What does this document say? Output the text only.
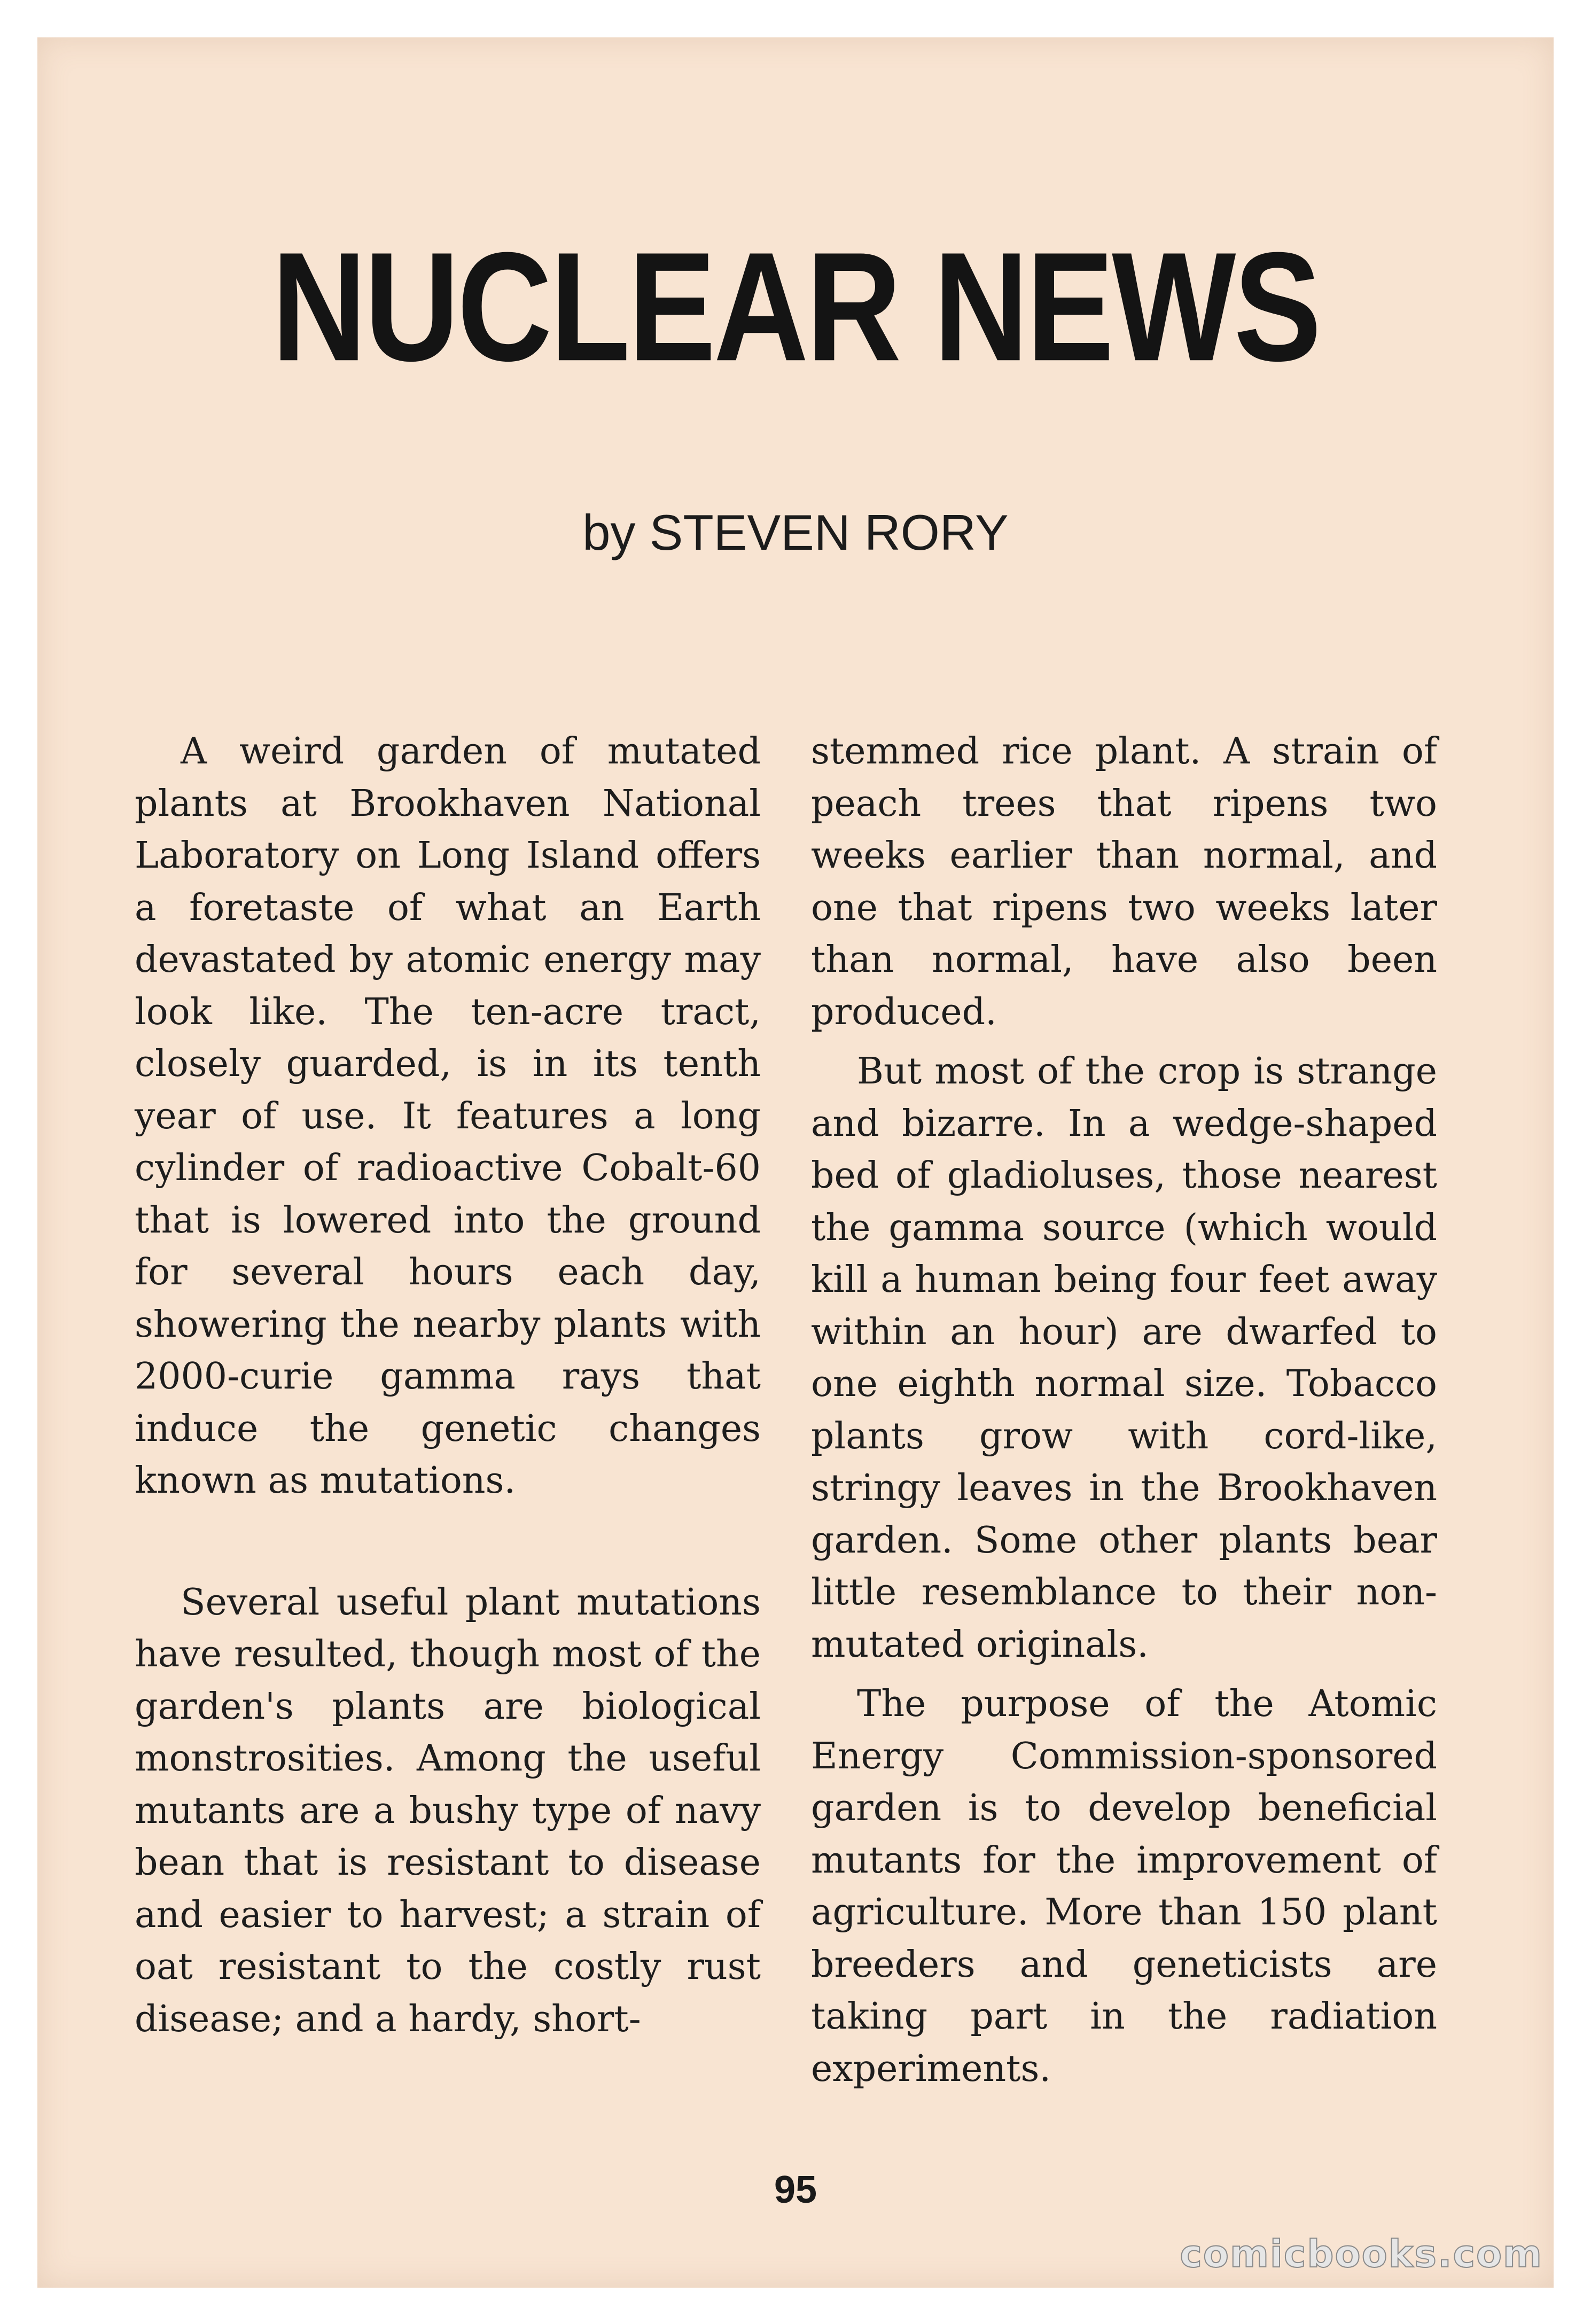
NUCLEAR NEWS

by STEVEN RORY

A weird garden of mutated plants at Brookhaven National Laboratory on Long Island offers a foretaste of what an Earth devastated by atomic energy may look like. The ten-acre tract, closely guarded, is in its tenth year of use. It features a long cylinder of radioactive Cobalt-60 that is lowered into the ground for several hours each day, showering the nearby plants with 2000-curie gamma rays that induce the genetic changes known as mutations.

Several useful plant mutations have resulted, though most of the garden's plants are biological monstrosities. Among the useful mutants are a bushy type of navy bean that is resistant to disease and easier to harvest; a strain of oat resistant to the costly rust disease; and a hardy, short-

stemmed rice plant. A strain of peach trees that ripens two weeks earlier than normal, and one that ripens two weeks later than normal, have also been produced.

But most of the crop is strange and bizarre. In a wedge-shaped bed of gladioluses, those nearest the gamma source (which would kill a human being four feet away within an hour) are dwarfed to one eighth normal size. Tobacco plants grow with cord-like, stringy leaves in the Brookhaven garden. Some other plants bear little resemblance to their non-mutated originals.

The purpose of the Atomic Energy Commission-sponsored garden is to develop beneficial mutants for the improvement of agriculture. More than 150 plant breeders and geneticists are taking part in the radiation experiments.

95

comicbooks.com
